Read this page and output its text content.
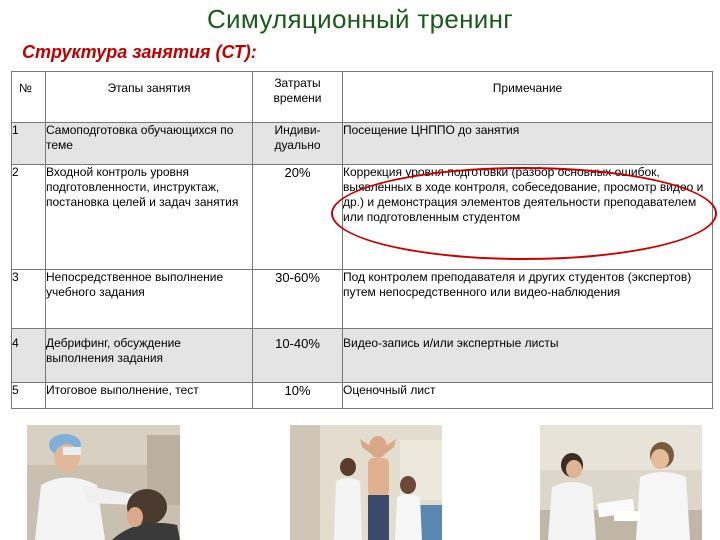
Симуляционный тренинг
Структура занятия (СТ):
№	Этапы занятия	Затраты времени	Примечание
1	Самоподготовка обучающихся по теме	Индиви-дуально	Посещение ЦНППО до занятия
2	Входной контроль уровня подготовленности, инструктаж, постановка целей и задач занятия	20%	Коррекция уровня подготовки (разбор основных ошибок, выявленных в ходе контроля, собеседование, просмотр видео и др.) и демонстрация элементов деятельности преподавателем или подготовленным студентом
3	Непосредственное выполнение учебного задания	30-60%	Под контролем преподавателя и других студентов (экспертов) путем непосредственного или видео-наблюдения
4	Дебрифинг, обсуждение выполнения задания	10-40%	Видео-запись и/или экспертные листы
5	Итоговое выполнение, тест	10%	Оценочный лист
